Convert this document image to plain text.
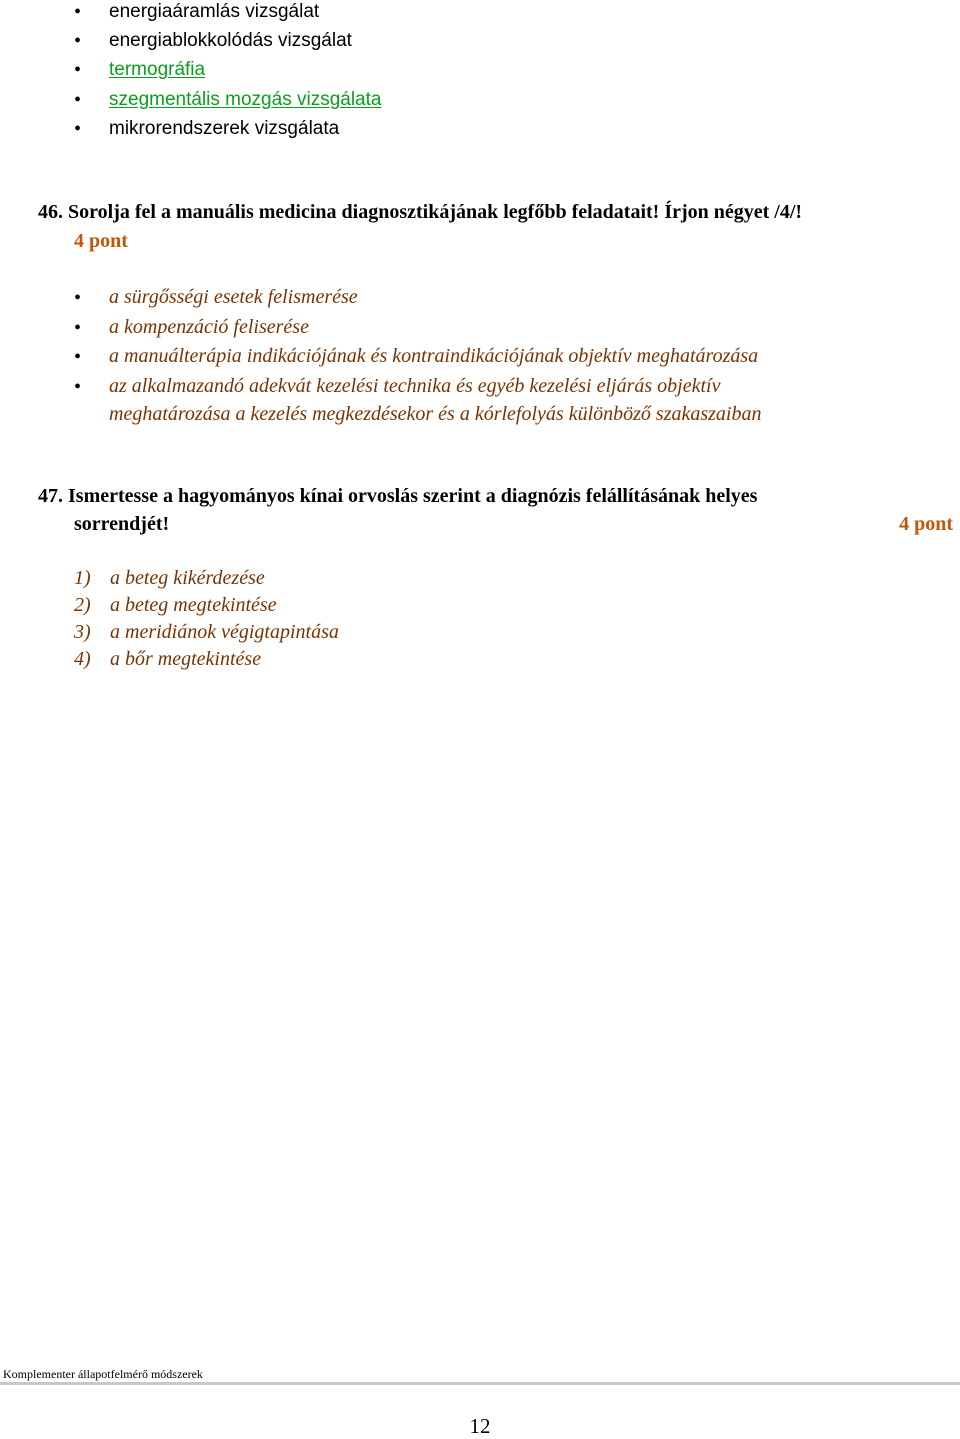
• energiaáramlás vizsgálat
• energiablokkolódás vizsgálat
• termográfia
• szegmentális mozgás vizsgálata
• mikrorendszerek vizsgálata
46. Sorolja fel a manuális medicina diagnosztikájának legfőbb feladatait! Írjon négyet /4/!
4 pont
• a sürgősségi esetek felismerése
• a kompenzáció feliserése
• a manuálterápia indikációjának és kontraindikációjának objektív meghatározása
• az alkalmazandó adekvát kezelési technika és egyéb kezelési eljárás objektív
meghatározása a kezelés megkezdésekor és a kórlefolyás különböző szakaszaiban
47. Ismertesse a hagyományos kínai orvoslás szerint a diagnózis felállításának helyes
sorrendjét!	4 pont
1) a beteg kikérdezése
2) a beteg megtekintése
3) a meridiánok végigtapintása
4) a bőr megtekintése
Komplementer állapotfelmérő módszerek
12
